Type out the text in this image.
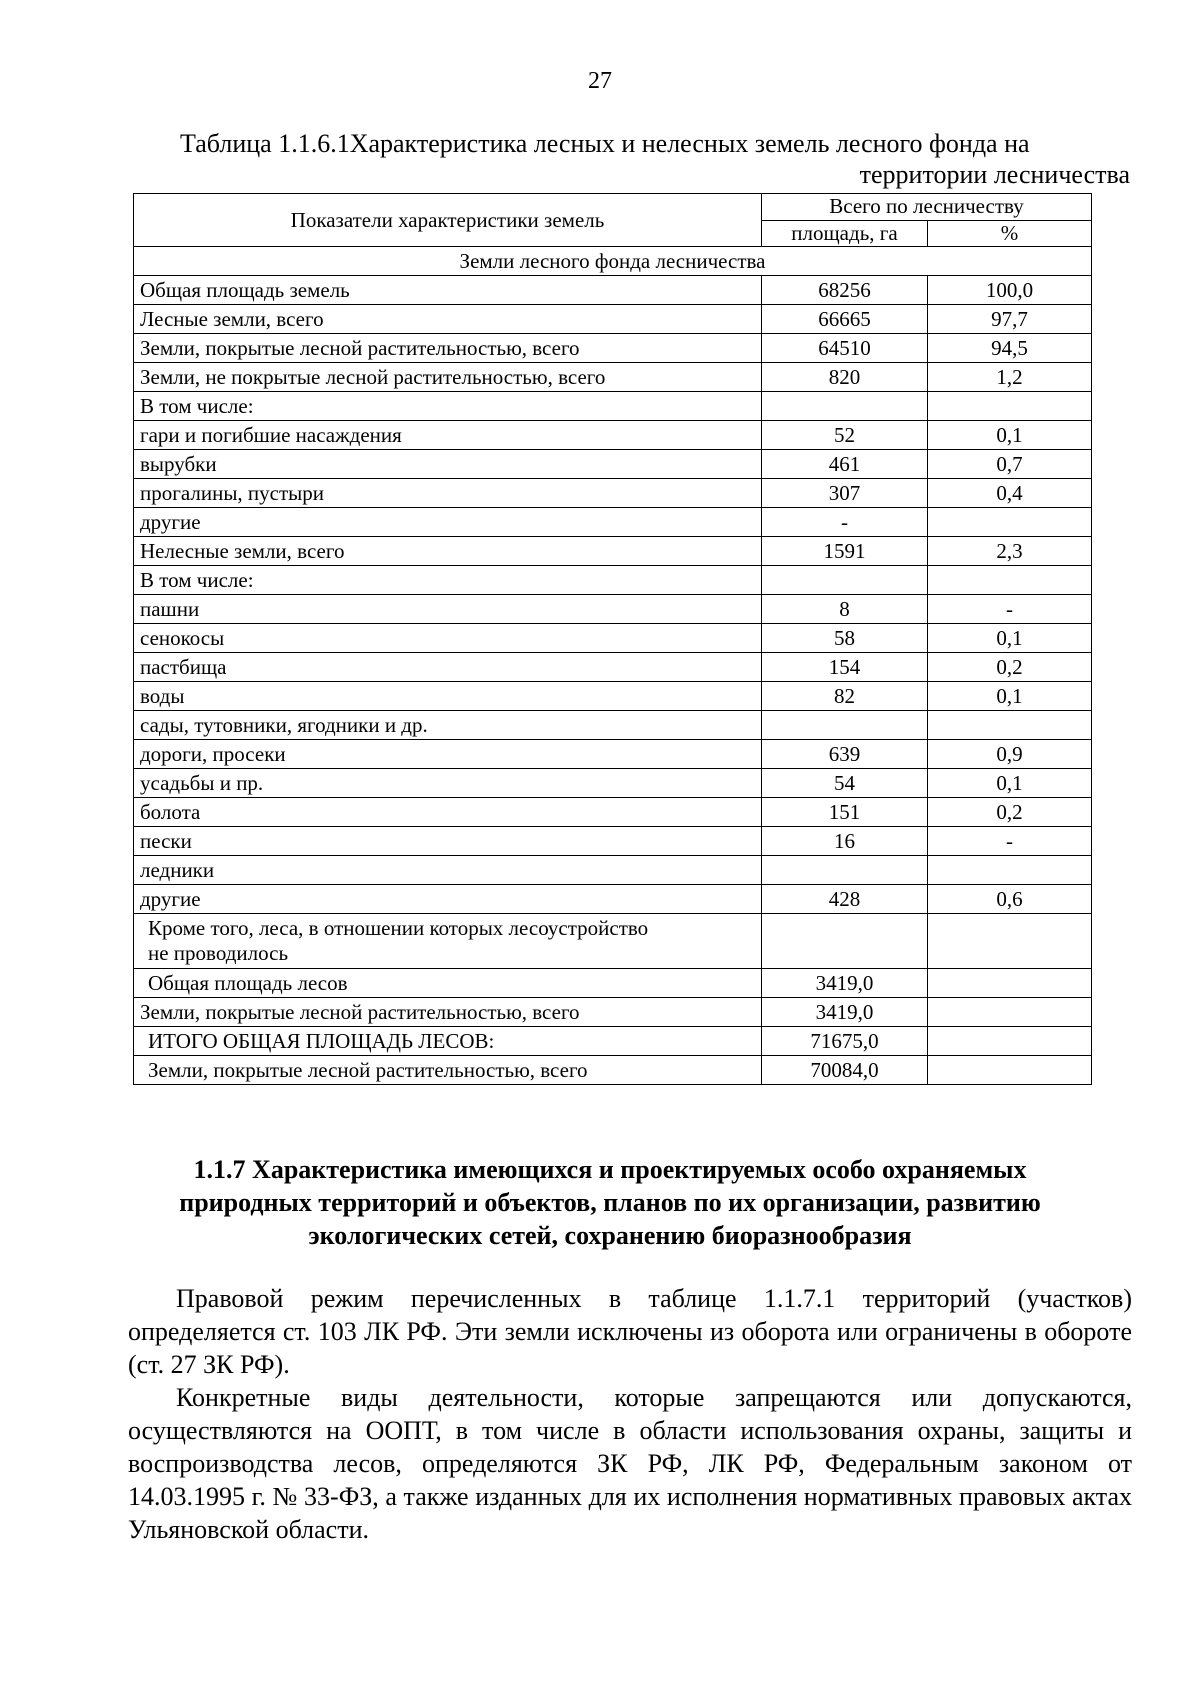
27
Таблица 1.1.6.1Характеристика лесных и нелесных земель лесного фонда на
территории лесничества
Показатели характеристики земель	Всего по лесничеству	
	площадь, га	%
Земли лесного фонда лесничества		
Общая площадь земель	68256	100,0
Лесные земли, всего	66665	97,7
Земли, покрытые лесной растительностью, всего	64510	94,5
Земли, не покрытые лесной растительностью, всего	820	1,2
В том числе:		
гари и погибшие насаждения	52	0,1
вырубки	461	0,7
прогалины, пустыри	307	0,4
другие	-	
Нелесные земли, всего	1591	2,3
В том числе:		
пашни	8	-
сенокосы	58	0,1
пастбища	154	0,2
воды	82	0,1
сады, тутовники, ягодники и др.		
дороги, просеки	639	0,9
усадьбы и пр.	54	0,1
болота	151	0,2
пески	16	-
ледники		
другие	428	0,6

Кроме того, леса, в отношении которых лесоустройство
не проводилось		

Общая площадь лесов	3419,0	
Земли, покрытые лесной растительностью, всего	3419,0	
ИТОГО ОБЩАЯ ПЛОЩАДЬ ЛЕСОВ:	71675,0	
Земли, покрытые лесной растительностью, всего	70084,0	
1.1.7 Характеристика имеющихся и проектируемых особо охраняемых
природных территорий и объектов, планов по их организации, развитию
экологических сетей, сохранению биоразнообразия

Правовой режим перечисленных в таблице 1.1.7.1 территорий (участков) определяется ст. 103 ЛК РФ. Эти земли исключены из оборота или ограничены в обороте (ст. 27 ЗК РФ).

Конкретные виды деятельности, которые запрещаются или допускаются, осуществляются на ООПТ, в том числе в области использования охраны, защиты и воспроизводства лесов, определяются ЗК РФ, ЛК РФ, Федеральным законом от 14.03.1995 г. № 33-ФЗ, а также изданных для их исполнения нормативных правовых актах Ульяновской области.
